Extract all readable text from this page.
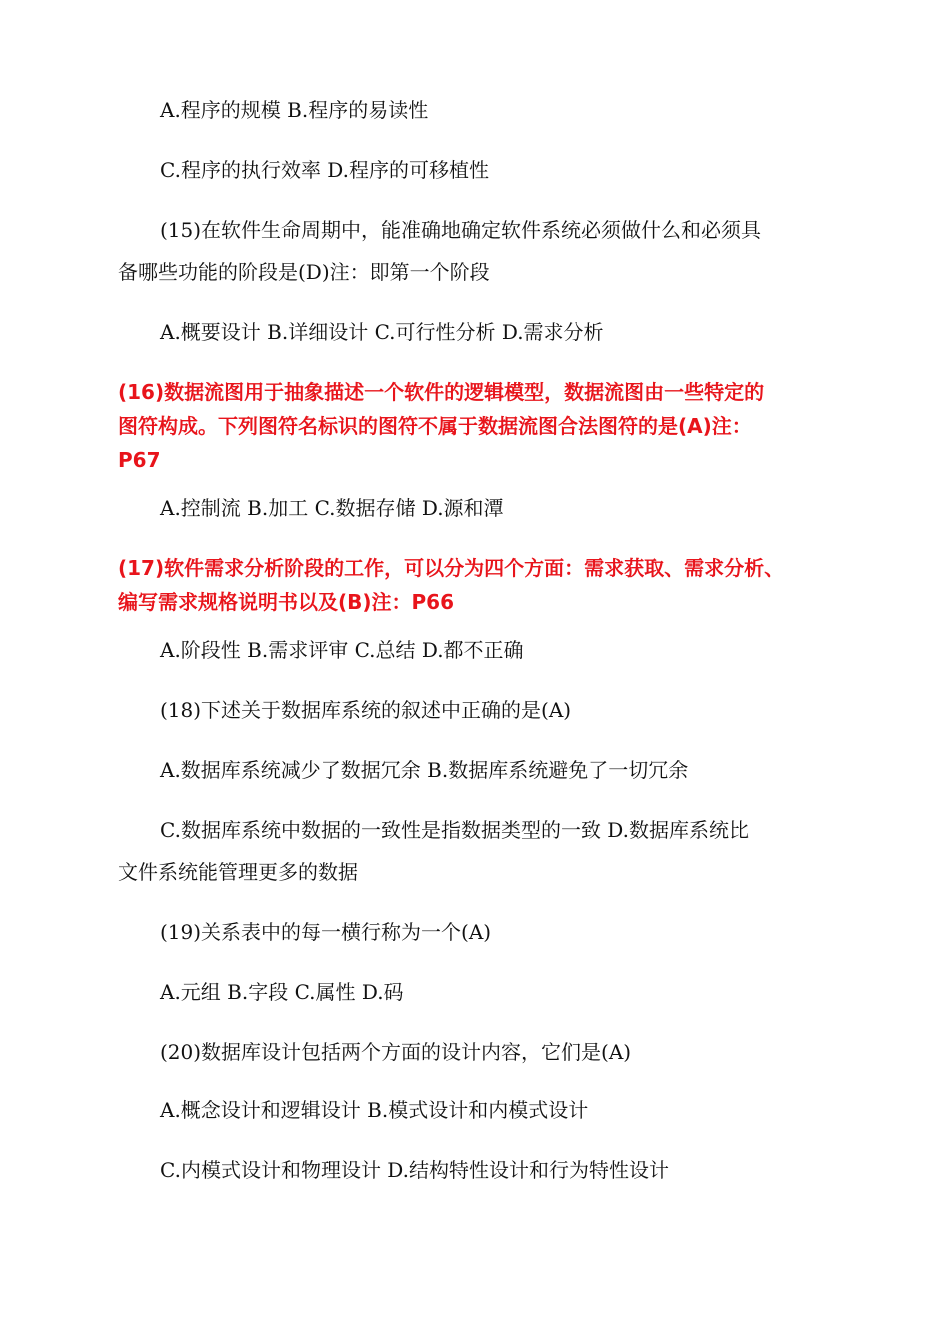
A.程序的规模 B.程序的易读性
C.程序的执行效率 D.程序的可移植性
(15)在软件生命周期中，能准确地确定软件系统必须做什么和必须具
备哪些功能的阶段是(D)注：即第一个阶段
A.概要设计 B.详细设计 C.可行性分析 D.需求分析
(16)数据流图用于抽象描述一个软件的逻辑模型，数据流图由一些特定的
图符构成。下列图符名标识的图符不属于数据流图合法图符的是(A)注：
P67
A.控制流 B.加工 C.数据存储 D.源和潭
(17)软件需求分析阶段的工作，可以分为四个方面：需求获取、需求分析、
编写需求规格说明书以及(B)注：P66
A.阶段性 B.需求评审 C.总结 D.都不正确
(18)下述关于数据库系统的叙述中正确的是(A)
A.数据库系统减少了数据冗余 B.数据库系统避免了一切冗余
C.数据库系统中数据的一致性是指数据类型的一致 D.数据库系统比
文件系统能管理更多的数据
(19)关系表中的每一横行称为一个(A)
A.元组 B.字段 C.属性 D.码
(20)数据库设计包括两个方面的设计内容，它们是(A)
A.概念设计和逻辑设计 B.模式设计和内模式设计
C.内模式设计和物理设计 D.结构特性设计和行为特性设计
